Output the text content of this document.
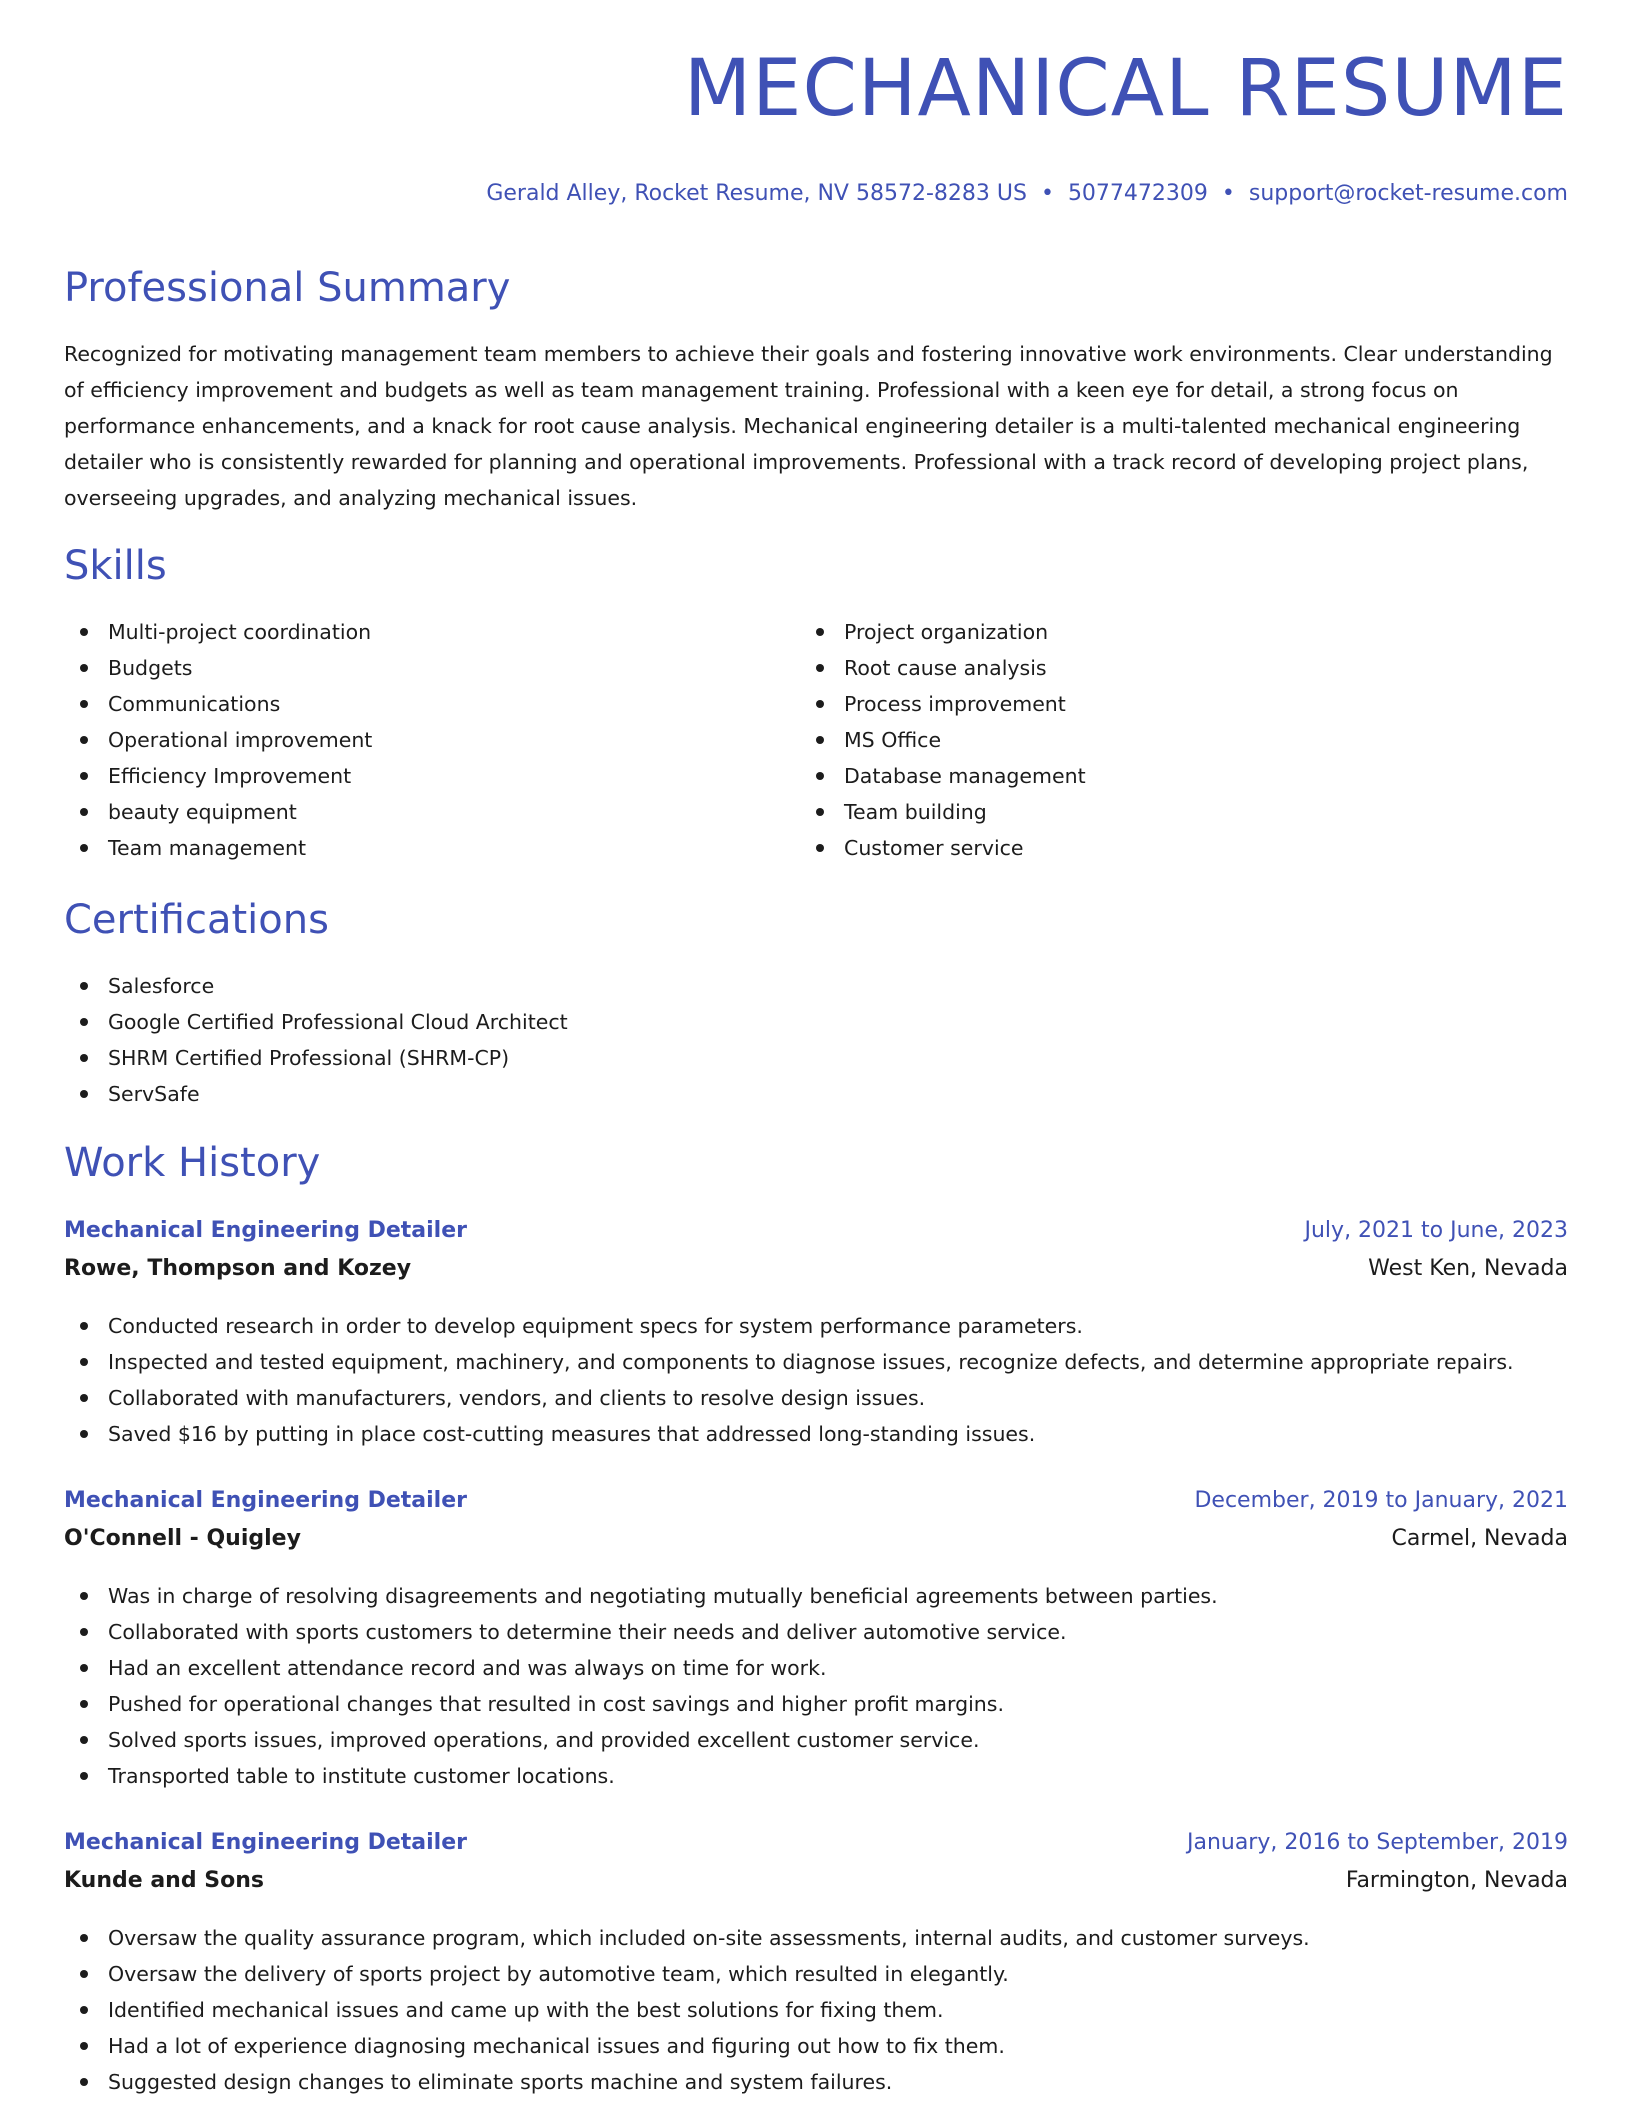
MECHANICAL RESUME
Gerald Alley, Rocket Resume, NV 58572-8283 US • 5077472309 • support@rocket-resume.com
Professional Summary

Recognized for motivating management team members to achieve their goals and fostering innovative work environments. Clear understanding of efficiency improvement and budgets as well as team management training. Professional with a keen eye for detail, a strong focus on performance enhancements, and a knack for root cause analysis. Mechanical engineering detailer is a multi-talented mechanical engineering detailer who is consistently rewarded for planning and operational improvements. Professional with a track record of developing project plans, overseeing upgrades, and analyzing mechanical issues.

Skills
Multi-project coordination
Budgets
Communications
Operational improvement
Efficiency Improvement
beauty equipment
Team management
Project organization
Root cause analysis
Process improvement
MS Office
Database management
Team building
Customer service
Certifications
Salesforce
Google Certified Professional Cloud Architect
SHRM Certified Professional (SHRM-CP)
ServSafe
Work History
Mechanical Engineering Detailer	July, 2021 to June, 2023
Rowe, Thompson and Kozey	West Ken, Nevada
Conducted research in order to develop equipment specs for system performance parameters.
Inspected and tested equipment, machinery, and components to diagnose issues, recognize defects, and determine appropriate repairs.
Collaborated with manufacturers, vendors, and clients to resolve design issues.
Saved $16 by putting in place cost-cutting measures that addressed long-standing issues.
Mechanical Engineering Detailer	December, 2019 to January, 2021
O'Connell - Quigley	Carmel, Nevada
Was in charge of resolving disagreements and negotiating mutually beneficial agreements between parties.
Collaborated with sports customers to determine their needs and deliver automotive service.
Had an excellent attendance record and was always on time for work.
Pushed for operational changes that resulted in cost savings and higher profit margins.
Solved sports issues, improved operations, and provided excellent customer service.
Transported table to institute customer locations.
Mechanical Engineering Detailer	January, 2016 to September, 2019
Kunde and Sons	Farmington, Nevada
Oversaw the quality assurance program, which included on-site assessments, internal audits, and customer surveys.
Oversaw the delivery of sports project by automotive team, which resulted in elegantly.
Identified mechanical issues and came up with the best solutions for fixing them.
Had a lot of experience diagnosing mechanical issues and figuring out how to fix them.
Suggested design changes to eliminate sports machine and system failures.
